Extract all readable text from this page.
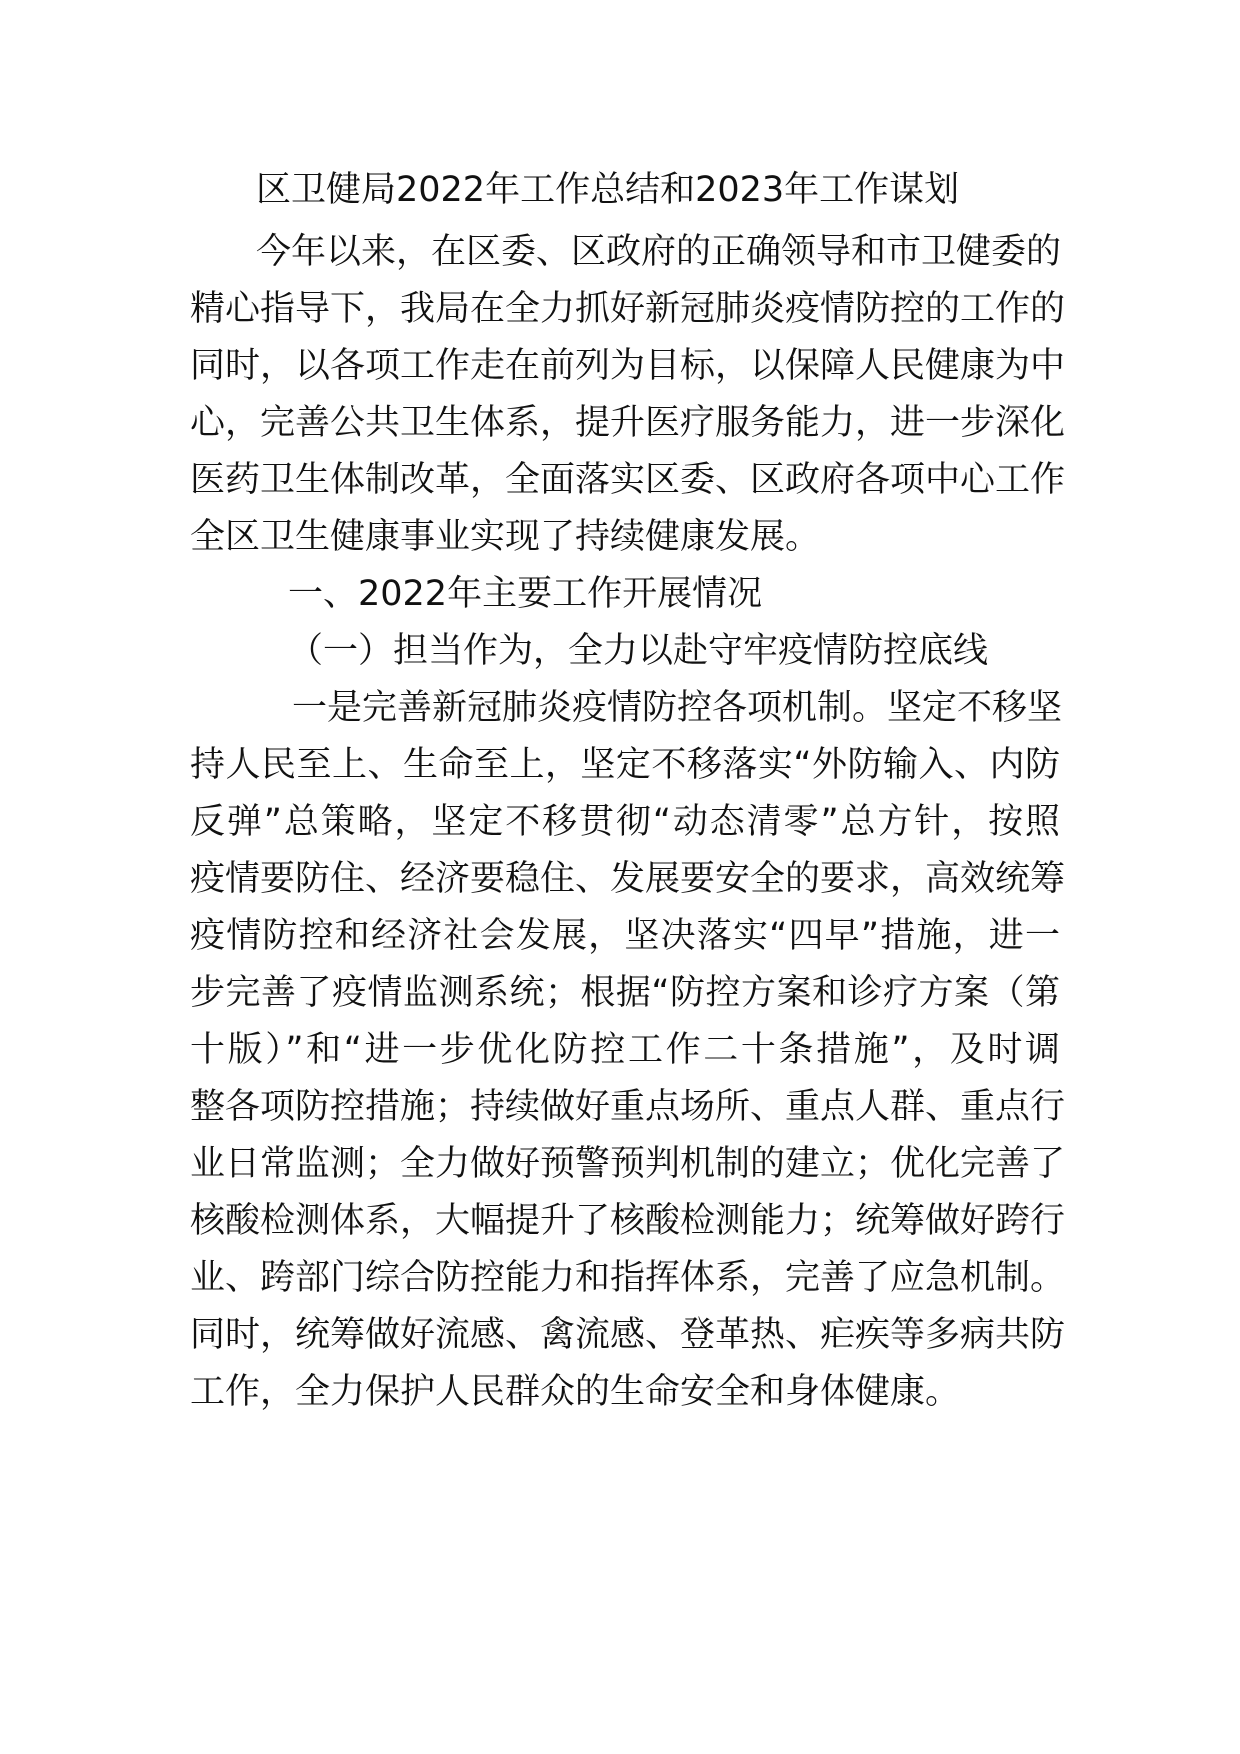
区卫健局2022年工作总结和2023年工作谋划
今年以来，在区委、区政府的正确领导和市卫健委的
精心指导下，我局在全力抓好新冠肺炎疫情防控的工作的
同时，以各项工作走在前列为目标，以保障人民健康为中
心，完善公共卫生体系，提升医疗服务能力，进一步深化
医药卫生体制改革，全面落实区委、区政府各项中心工作
全区卫生健康事业实现了持续健康发展。
一、2022年主要工作开展情况
（一）担当作为，全力以赴守牢疫情防控底线
一是完善新冠肺炎疫情防控各项机制。坚定不移坚
持人民至上、生命至上，坚定不移落实“外防输入、内防
反弹”总策略，坚定不移贯彻“动态清零”总方针，按照
疫情要防住、经济要稳住、发展要安全的要求，高效统筹
疫情防控和经济社会发展，坚决落实“四早”措施，进一
步完善了疫情监测系统；根据“防控方案和诊疗方案（第
十版）”和“进一步优化防控工作二十条措施”，及时调
整各项防控措施；持续做好重点场所、重点人群、重点行
业日常监测；全力做好预警预判机制的建立；优化完善了
核酸检测体系，大幅提升了核酸检测能力；统筹做好跨行
业、跨部门综合防控能力和指挥体系，完善了应急机制。
同时，统筹做好流感、禽流感、登革热、疟疾等多病共防
工作，全力保护人民群众的生命安全和身体健康。
